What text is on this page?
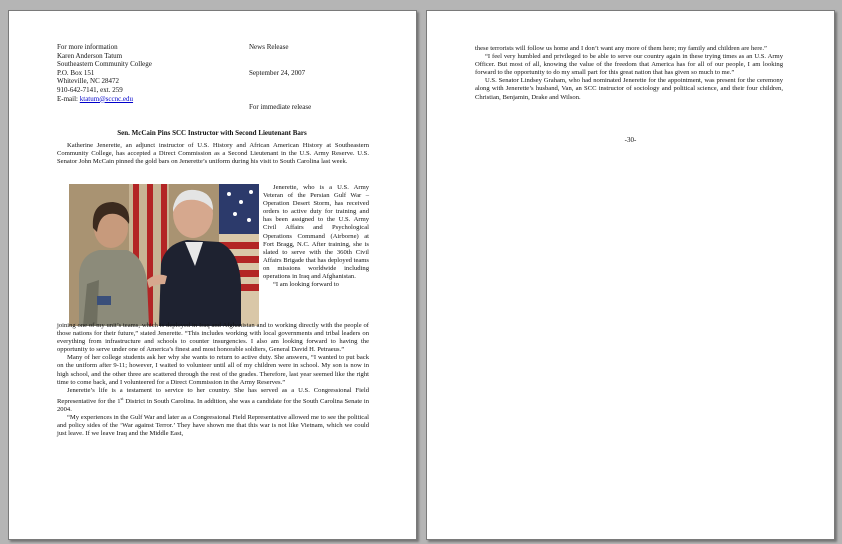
For more information
Karen Anderson Tatum
Southeastern Community College
P.O. Box 151
Whiteville, NC 28472
910-642-7141, ext. 259
E-mail: ktatum@sccnc.edu
News Release
September 24, 2007
For immediate release
Sen. McCain Pins SCC Instructor with Second Lieutenant Bars

Katherine Jenerette, an adjunct instructor of U.S. History and African American History at Southeastern Community College, has accepted a Direct Commission as a Second Lieutenant in the U.S. Army Reserve. U.S. Senator John McCain pinned the gold bars on Jenerette’s uniform during his visit to South Carolina last week.

Jenerette, who is a U.S. Army Veteran of the Persian Gulf War – Operation Desert Storm, has received orders to active duty for training and has been assigned to the U.S. Army Civil Affairs and Psychological Operations Command (Airborne) at Fort Bragg, N.C. After training, she is slated to serve with the 360th Civil Affairs Brigade that has deployed teams on missions worldwide including operations in Iraq and Afghanistan.

“I am looking forward to

joining one of my unit’s teams, which is deployed in Iraq and Afghanistan and to working directly with the people of those nations for their future,” stated Jenerette. “This includes working with local governments and tribal leaders on everything from infrastructure and schools to counter insurgencies. I also am looking forward to having the opportunity to serve under one of America’s finest and most honorable soldiers, General David H. Petraeus.”

Many of her college students ask her why she wants to return to active duty. She answers, “I wanted to put back on the uniform after 9-11; however, I waited to volunteer until all of my children were in school. My son is now in high school, and the other three are scattered through the rest of the grades. Therefore, last year seemed like the right time to come back, and I volunteered for a Direct Commission in the Army Reserves.”

Jenerette’s life is a testament to service to her country. She has served as a U.S. Congressional Field Representative for the 1st District in South Carolina. In addition, she was a candidate for the South Carolina Senate in 2004.

“My experiences in the Gulf War and later as a Congressional Field Representative allowed me to see the political and policy sides of the ‘War against Terror.’ They have shown me that this war is not like Vietnam, which we could just leave. If we leave Iraq and the Middle East,

these terrorists will follow us home and I don’t want any more of them here; my family and children are here.”

“I feel very humbled and privileged to be able to serve our country again in these trying times as an U.S. Army Officer. But most of all, knowing the value of the freedom that America has for all of our people, I am looking forward to the opportunity to do my small part for this great nation that has given so much to me.”

U.S. Senator Lindsey Graham, who had nominated Jenerette for the appointment, was present for the ceremony along with Jenerette’s husband, Van, an SCC instructor of sociology and political science, and their four children, Christian, Benjamin, Drake and Wilson.

-30-
